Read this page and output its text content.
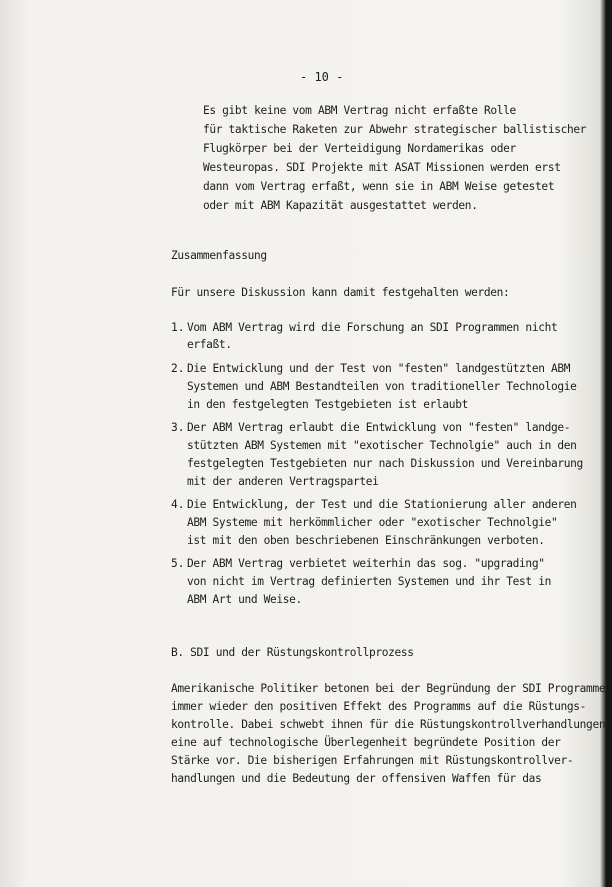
- 10 -
Es gibt keine vom ABM Vertrag nicht erfaßte Rolle
für taktische Raketen zur Abwehr strategischer ballistischer
Flugkörper bei der Verteidigung Nordamerikas oder
Westeuropas. SDI Projekte mit ASAT Missionen werden erst
dann vom Vertrag erfaßt, wenn sie in ABM Weise getestet
oder mit ABM Kapazität ausgestattet werden.
Zusammenfassung
Für unsere Diskussion kann damit festgehalten werden:
1. Vom ABM Vertrag wird die Forschung an SDI Programmen nicht
erfaßt.
2. Die Entwicklung und der Test von "festen" landgestützten ABM
Systemen und ABM Bestandteilen von traditioneller Technologie
in den festgelegten Testgebieten ist erlaubt
3. Der ABM Vertrag erlaubt die Entwicklung von "festen" landge-
stützten ABM Systemen mit "exotischer Technolgie" auch in den
festgelegten Testgebieten nur nach Diskussion und Vereinbarung
mit der anderen Vertragspartei
4. Die Entwicklung, der Test und die Stationierung aller anderen
ABM Systeme mit herkömmlicher oder "exotischer Technolgie"
ist mit den oben beschriebenen Einschränkungen verboten.
5. Der ABM Vertrag verbietet weiterhin das sog. "upgrading"
von nicht im Vertrag definierten Systemen und ihr Test in
ABM Art und Weise.
B. SDI und der Rüstungskontrollprozess
Amerikanische Politiker betonen bei der Begründung der SDI Programme
immer wieder den positiven Effekt des Programms auf die Rüstungs-
kontrolle. Dabei schwebt ihnen für die Rüstungskontrollverhandlungen
eine auf technologische Überlegenheit begründete Position der
Stärke vor. Die bisherigen Erfahrungen mit Rüstungskontrollver-
handlungen und die Bedeutung der offensiven Waffen für das
